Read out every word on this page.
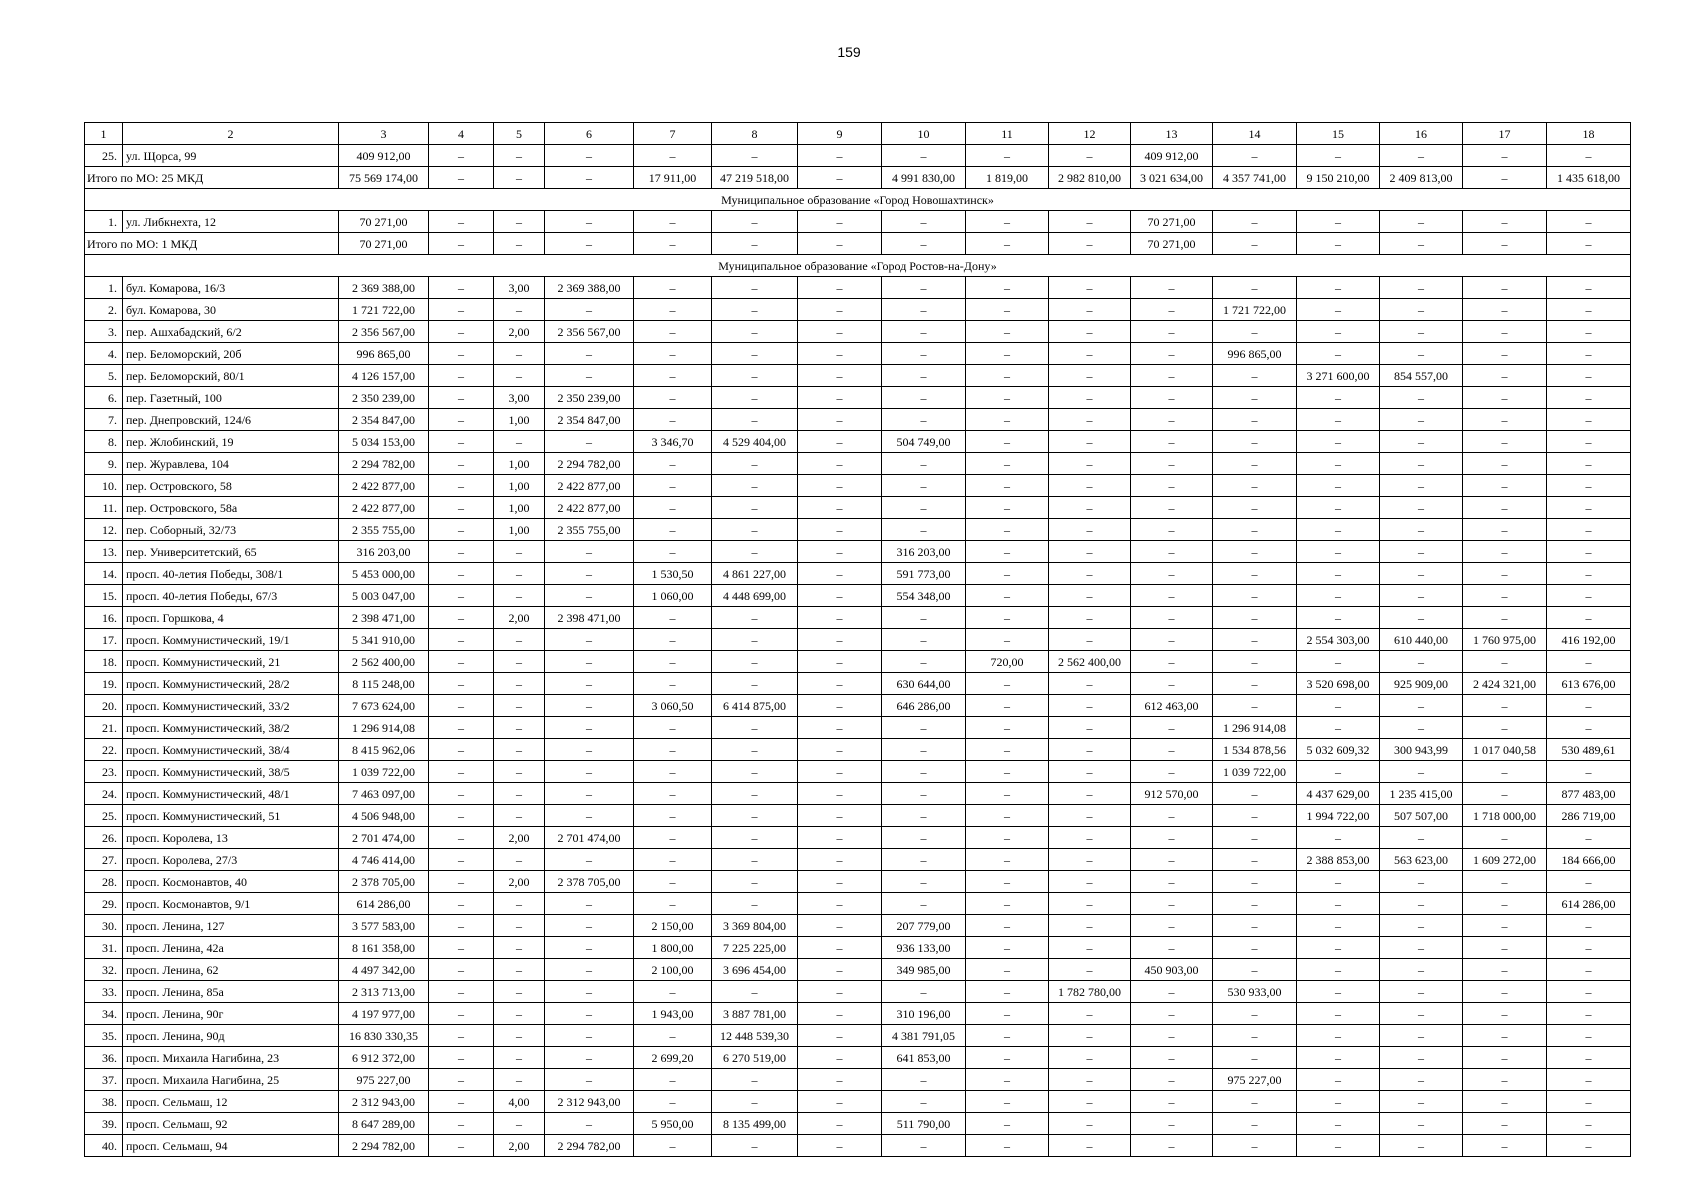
159
1	2	3	4	5	6	7	8	9	10	11	12	13	14	15	16	17	18
25.	ул. Щорса, 99	409 912,00	–	–	–	–	–	–	–	–	–	409 912,00	–	–	–	–	–
Итого по МО: 25 МКД		75 569 174,00	–	–	–	17 911,00	47 219 518,00	–	4 991 830,00	1 819,00	2 982 810,00	3 021 634,00	4 357 741,00	9 150 210,00	2 409 813,00	–	1 435 618,00
Муниципальное образование «Город Новошахтинск»																	
1.	ул. Либкнехта, 12	70 271,00	–	–	–	–	–	–	–	–	–	70 271,00	–	–	–	–	–
Итого по МО: 1 МКД		70 271,00	–	–	–	–	–	–	–	–	–	70 271,00	–	–	–	–	–
Муниципальное образование «Город Ростов-на-Дону»																	
1.	бул. Комарова, 16/3	2 369 388,00	–	3,00	2 369 388,00	–	–	–	–	–	–	–	–	–	–	–	–
2.	бул. Комарова, 30	1 721 722,00	–	–	–	–	–	–	–	–	–	–	1 721 722,00	–	–	–	–
3.	пер. Ашхабадский, 6/2	2 356 567,00	–	2,00	2 356 567,00	–	–	–	–	–	–	–	–	–	–	–	–
4.	пер. Беломорский, 20б	996 865,00	–	–	–	–	–	–	–	–	–	–	996 865,00	–	–	–	–
5.	пер. Беломорский, 80/1	4 126 157,00	–	–	–	–	–	–	–	–	–	–	–	3 271 600,00	854 557,00	–	–
6.	пер. Газетный, 100	2 350 239,00	–	3,00	2 350 239,00	–	–	–	–	–	–	–	–	–	–	–	–
7.	пер. Днепровский, 124/6	2 354 847,00	–	1,00	2 354 847,00	–	–	–	–	–	–	–	–	–	–	–	–
8.	пер. Жлобинский, 19	5 034 153,00	–	–	–	3 346,70	4 529 404,00	–	504 749,00	–	–	–	–	–	–	–	–
9.	пер. Журавлева, 104	2 294 782,00	–	1,00	2 294 782,00	–	–	–	–	–	–	–	–	–	–	–	–
10.	пер. Островского, 58	2 422 877,00	–	1,00	2 422 877,00	–	–	–	–	–	–	–	–	–	–	–	–
11.	пер. Островского, 58а	2 422 877,00	–	1,00	2 422 877,00	–	–	–	–	–	–	–	–	–	–	–	–
12.	пер. Соборный, 32/73	2 355 755,00	–	1,00	2 355 755,00	–	–	–	–	–	–	–	–	–	–	–	–
13.	пер. Университетский, 65	316 203,00	–	–	–	–	–	–	316 203,00	–	–	–	–	–	–	–	–
14.	просп. 40-летия Победы, 308/1	5 453 000,00	–	–	–	1 530,50	4 861 227,00	–	591 773,00	–	–	–	–	–	–	–	–
15.	просп. 40-летия Победы, 67/3	5 003 047,00	–	–	–	1 060,00	4 448 699,00	–	554 348,00	–	–	–	–	–	–	–	–
16.	просп. Горшкова, 4	2 398 471,00	–	2,00	2 398 471,00	–	–	–	–	–	–	–	–	–	–	–	–
17.	просп. Коммунистический, 19/1	5 341 910,00	–	–	–	–	–	–	–	–	–	–	–	2 554 303,00	610 440,00	1 760 975,00	416 192,00
18.	просп. Коммунистический, 21	2 562 400,00	–	–	–	–	–	–	–	720,00	2 562 400,00	–	–	–	–	–	–
19.	просп. Коммунистический, 28/2	8 115 248,00	–	–	–	–	–	–	630 644,00	–	–	–	–	3 520 698,00	925 909,00	2 424 321,00	613 676,00
20.	просп. Коммунистический, 33/2	7 673 624,00	–	–	–	3 060,50	6 414 875,00	–	646 286,00	–	–	612 463,00	–	–	–	–	–
21.	просп. Коммунистический, 38/2	1 296 914,08	–	–	–	–	–	–	–	–	–	–	1 296 914,08	–	–	–	–
22.	просп. Коммунистический, 38/4	8 415 962,06	–	–	–	–	–	–	–	–	–	–	1 534 878,56	5 032 609,32	300 943,99	1 017 040,58	530 489,61
23.	просп. Коммунистический, 38/5	1 039 722,00	–	–	–	–	–	–	–	–	–	–	1 039 722,00	–	–	–	–
24.	просп. Коммунистический, 48/1	7 463 097,00	–	–	–	–	–	–	–	–	–	912 570,00	–	4 437 629,00	1 235 415,00	–	877 483,00
25.	просп. Коммунистический, 51	4 506 948,00	–	–	–	–	–	–	–	–	–	–	–	1 994 722,00	507 507,00	1 718 000,00	286 719,00
26.	просп. Королева, 13	2 701 474,00	–	2,00	2 701 474,00	–	–	–	–	–	–	–	–	–	–	–	–
27.	просп. Королева, 27/3	4 746 414,00	–	–	–	–	–	–	–	–	–	–	–	2 388 853,00	563 623,00	1 609 272,00	184 666,00
28.	просп. Космонавтов, 40	2 378 705,00	–	2,00	2 378 705,00	–	–	–	–	–	–	–	–	–	–	–	–
29.	просп. Космонавтов, 9/1	614 286,00	–	–	–	–	–	–	–	–	–	–	–	–	–	–	614 286,00
30.	просп. Ленина, 127	3 577 583,00	–	–	–	2 150,00	3 369 804,00	–	207 779,00	–	–	–	–	–	–	–	–
31.	просп. Ленина, 42а	8 161 358,00	–	–	–	1 800,00	7 225 225,00	–	936 133,00	–	–	–	–	–	–	–	–
32.	просп. Ленина, 62	4 497 342,00	–	–	–	2 100,00	3 696 454,00	–	349 985,00	–	–	450 903,00	–	–	–	–	–
33.	просп. Ленина, 85а	2 313 713,00	–	–	–	–	–	–	–	–	1 782 780,00	–	530 933,00	–	–	–	–
34.	просп. Ленина, 90г	4 197 977,00	–	–	–	1 943,00	3 887 781,00	–	310 196,00	–	–	–	–	–	–	–	–
35.	просп. Ленина, 90д	16 830 330,35	–	–	–	–	12 448 539,30	–	4 381 791,05	–	–	–	–	–	–	–	–
36.	просп. Михаила Нагибина, 23	6 912 372,00	–	–	–	2 699,20	6 270 519,00	–	641 853,00	–	–	–	–	–	–	–	–
37.	просп. Михаила Нагибина, 25	975 227,00	–	–	–	–	–	–	–	–	–	–	975 227,00	–	–	–	–
38.	просп. Сельмаш, 12	2 312 943,00	–	4,00	2 312 943,00	–	–	–	–	–	–	–	–	–	–	–	–
39.	просп. Сельмаш, 92	8 647 289,00	–	–	–	5 950,00	8 135 499,00	–	511 790,00	–	–	–	–	–	–	–	–
40.	просп. Сельмаш, 94	2 294 782,00	–	2,00	2 294 782,00	–	–	–	–	–	–	–	–	–	–	–	–
